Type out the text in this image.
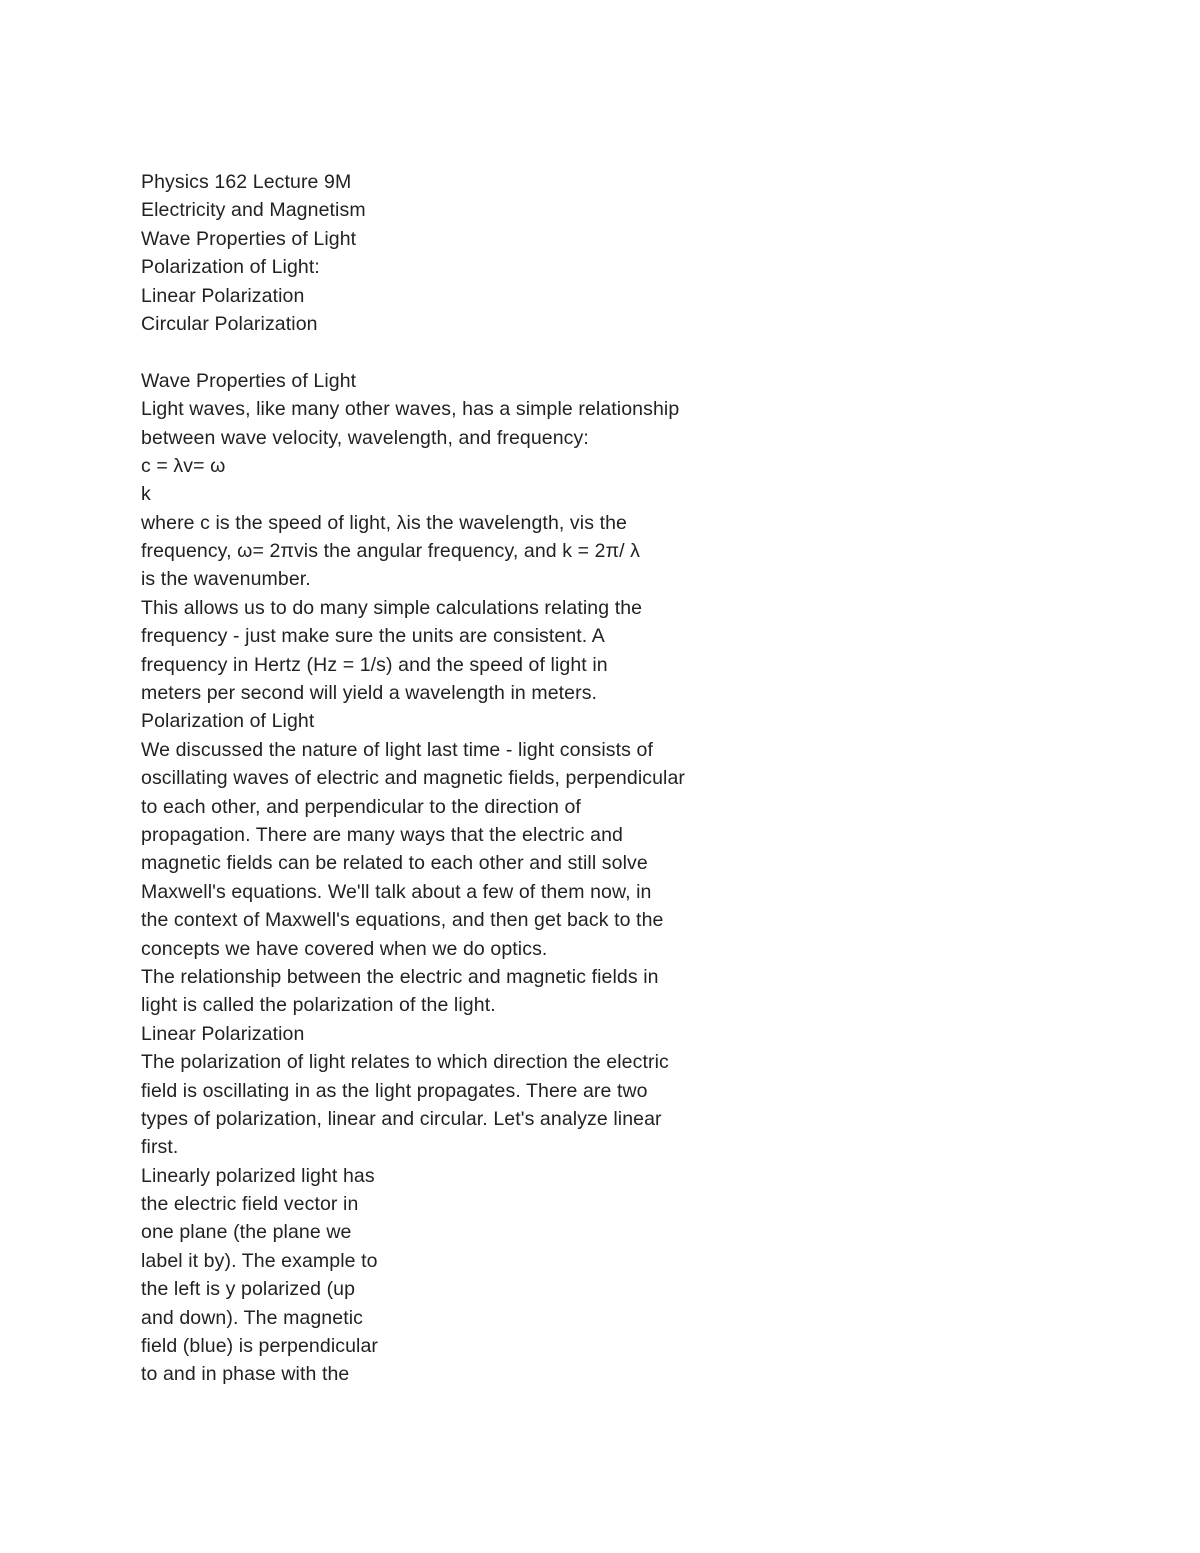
Physics 162 Lecture 9M
Electricity and Magnetism
Wave Properties of Light
Polarization of Light:
Linear Polarization
Circular Polarization
Wave Properties of Light
Light waves, like many other waves, has a simple relationship
between wave velocity, wavelength, and frequency:
c = λv= ω
k
where c is the speed of light, λis the wavelength, vis the
frequency, ω= 2πvis the angular frequency, and k = 2π/ λ
is the wavenumber.
This allows us to do many simple calculations relating the
frequency - just make sure the units are consistent. A
frequency in Hertz (Hz = 1/s) and the speed of light in
meters per second will yield a wavelength in meters.
Polarization of Light
We discussed the nature of light last time - light consists of
oscillating waves of electric and magnetic fields, perpendicular
to each other, and perpendicular to the direction of
propagation. There are many ways that the electric and
magnetic fields can be related to each other and still solve
Maxwell's equations. We'll talk about a few of them now, in
the context of Maxwell's equations, and then get back to the
concepts we have covered when we do optics.
The relationship between the electric and magnetic fields in
light is called the polarization of the light.
Linear Polarization
The polarization of light relates to which direction the electric
field is oscillating in as the light propagates. There are two
types of polarization, linear and circular. Let's analyze linear
first.
Linearly polarized light has
the electric field vector in
one plane (the plane we
label it by). The example to
the left is y polarized (up
and down). The magnetic
field (blue) is perpendicular
to and in phase with the
